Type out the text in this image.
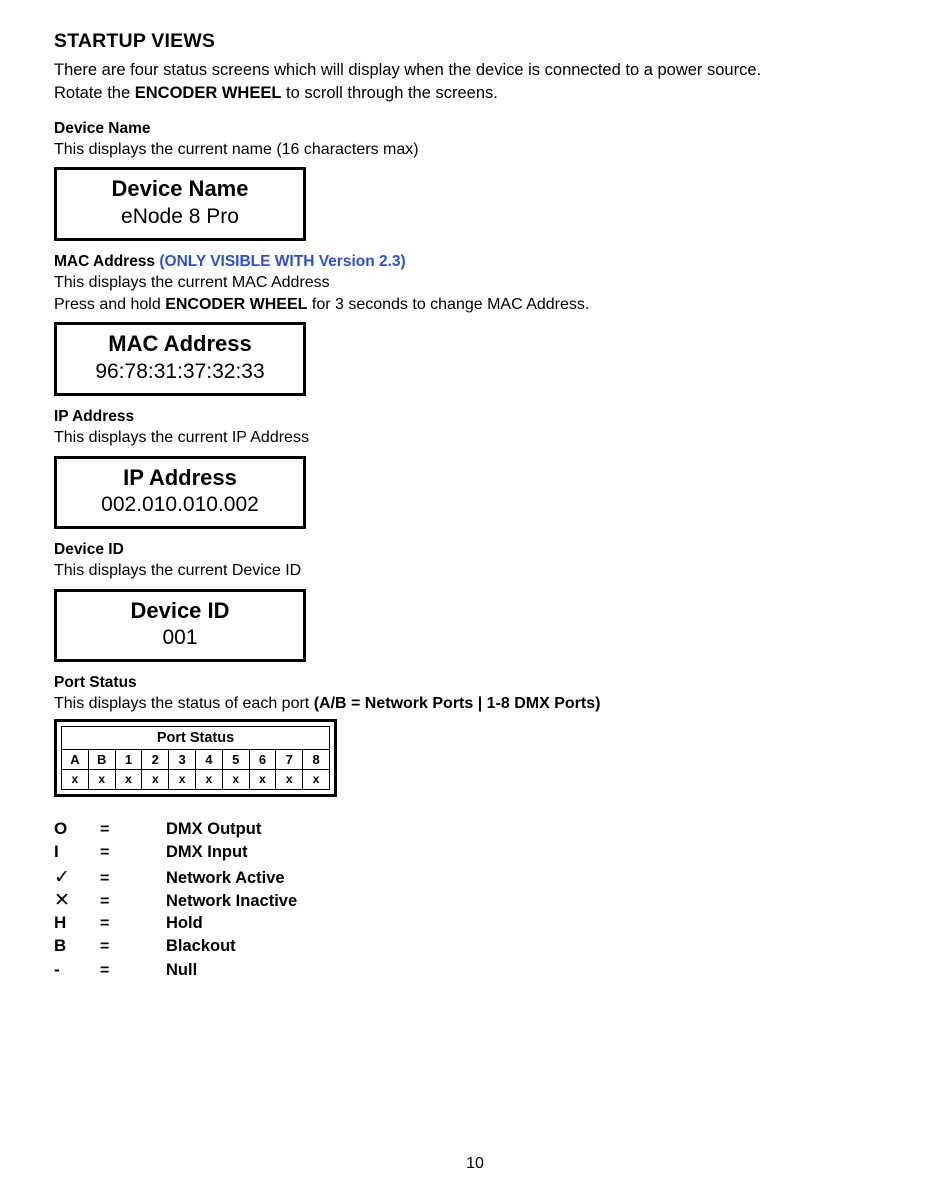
STARTUP VIEWS

There are four status screens which will display when the device is connected to a power source.

Rotate the ENCODER WHEEL to scroll through the screens.

Device Name

This displays the current name (16 characters max)

Device Name
eNode 8 Pro

MAC Address (ONLY VISIBLE WITH Version 2.3)

This displays the current MAC Address

Press and hold ENCODER WHEEL for 3 seconds to change MAC Address.

MAC Address
96:78:31:37:32:33

IP Address

This displays the current IP Address

IP Address
002.010.010.002

Device ID

This displays the current Device ID

Device ID
001

Port Status

This displays the status of each port (A/B = Network Ports | 1-8 DMX Ports)

Port Status									
A	B	1	2	3	4	5	6	7	8
x	x	x	x	x	x	x	x	x	x
O	=	DMX Output
I	=	DMX Input
✓	=	Network Active
✕	=	Network Inactive
H	=	Hold
B	=	Blackout
-	=	Null
10
